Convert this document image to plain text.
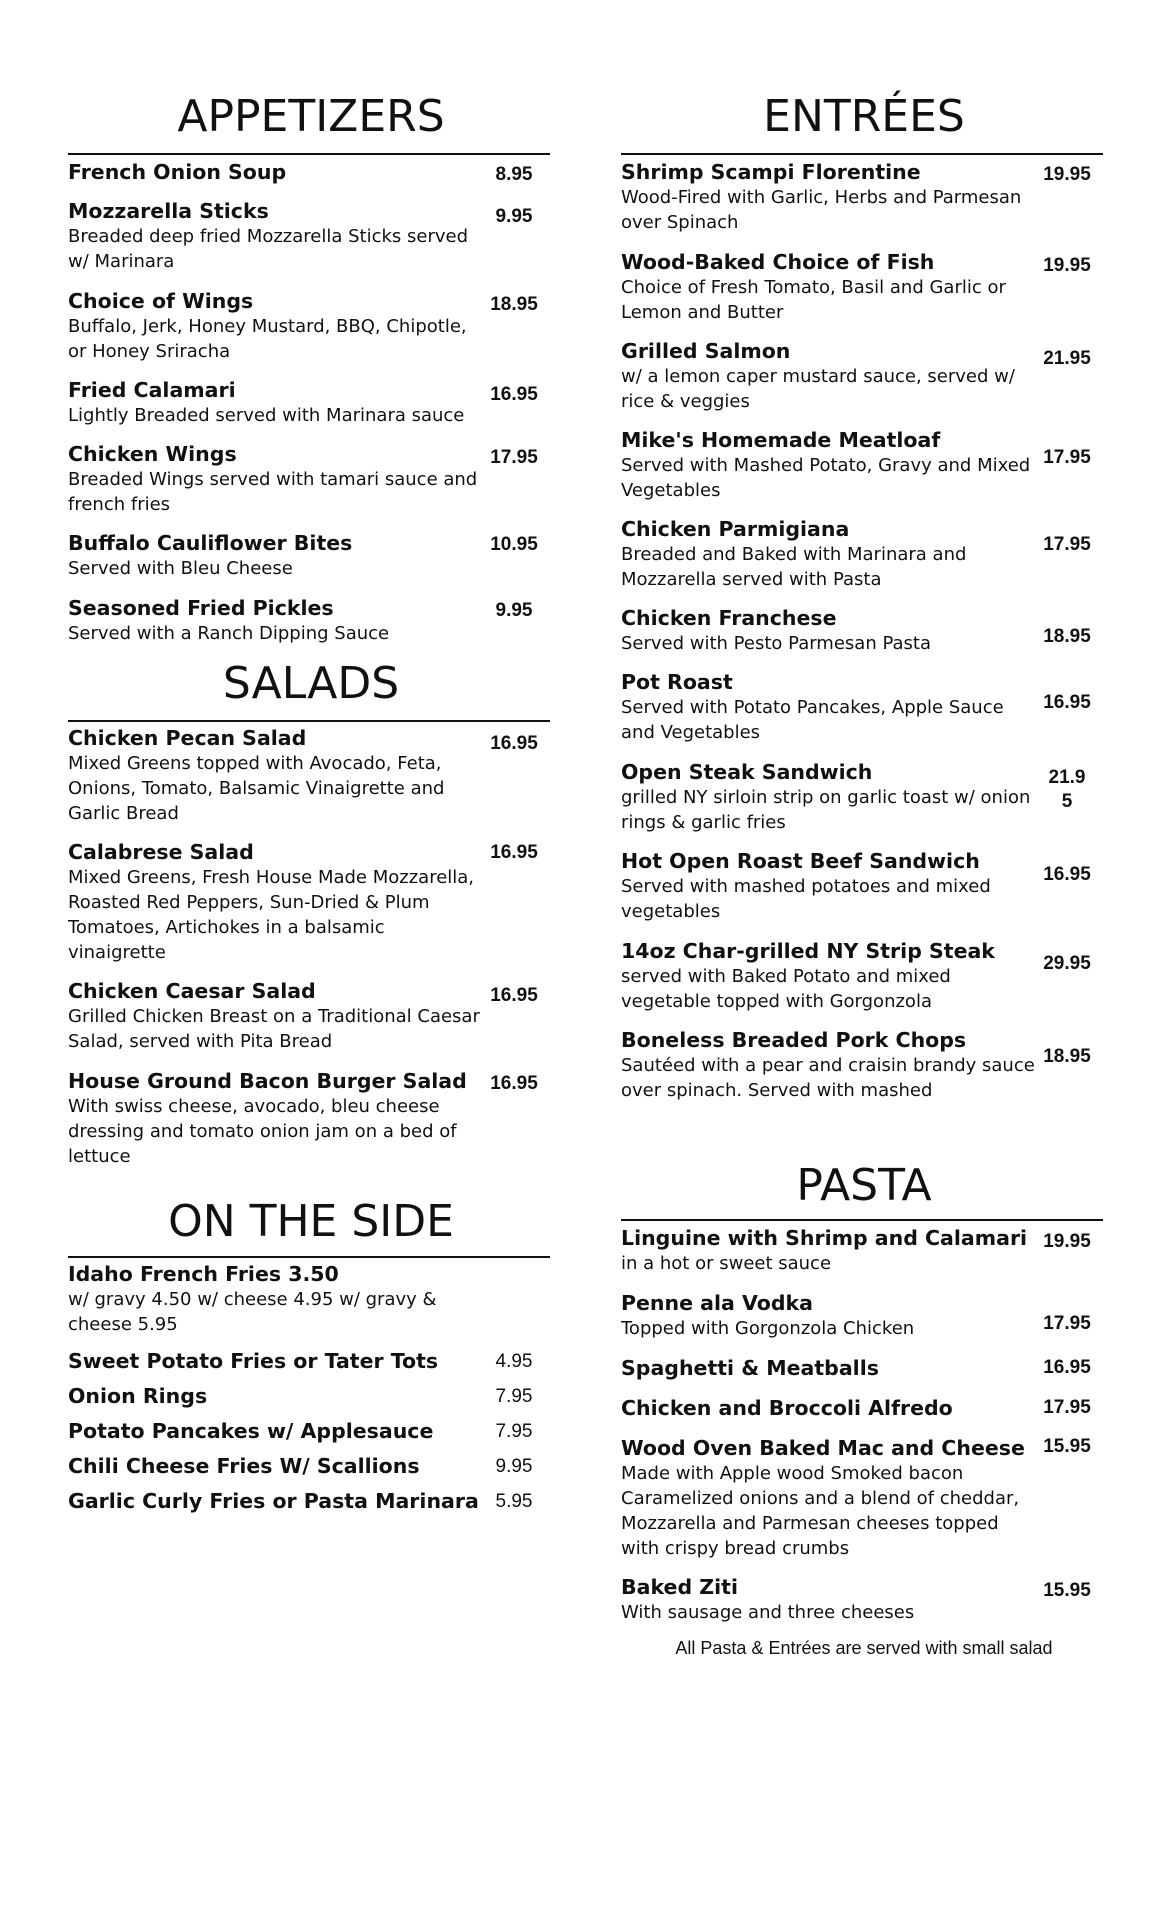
APPETIZERS
French Onion Soup	8.95
Mozzarella Sticks
Breaded deep fried Mozzarella Sticks served w/ Marinara
9.95
Choice of Wings
Buffalo, Jerk, Honey Mustard, BBQ, Chipotle, or Honey Sriracha
18.95
Fried Calamari
Lightly Breaded served with Marinara sauce
16.95
Chicken Wings
Breaded Wings served with tamari sauce and french fries
17.95
Buffalo Cauliflower Bites
Served with Bleu Cheese
10.95
Seasoned Fried Pickles
Served with a Ranch Dipping Sauce
9.95
SALADS
Chicken Pecan Salad
Mixed Greens topped with Avocado, Feta, Onions, Tomato, Balsamic Vinaigrette and Garlic Bread
16.95
Calabrese Salad
Mixed Greens, Fresh House Made Mozzarella, Roasted Red Peppers, Sun-Dried & Plum Tomatoes, Artichokes in a balsamic vinaigrette
16.95
Chicken Caesar Salad
Grilled Chicken Breast on a Traditional Caesar Salad, served with Pita Bread
16.95
House Ground Bacon Burger Salad
With swiss cheese, avocado, bleu cheese dressing and tomato onion jam on a bed of lettuce
16.95
ON THE SIDE
Idaho French Fries 3.50
w/ gravy 4.50 w/ cheese 4.95 w/ gravy & cheese 5.95
Sweet Potato Fries or Tater Tots	4.95
Onion Rings	7.95
Potato Pancakes w/ Applesauce	7.95
Chili Cheese Fries W/ Scallions	9.95
Garlic Curly Fries or Pasta Marinara 5.95
ENTRÉES
Shrimp Scampi Florentine
Wood-Fired with Garlic, Herbs and Parmesan over Spinach
19.95
Wood-Baked Choice of Fish
Choice of Fresh Tomato, Basil and Garlic or Lemon and Butter
19.95
Grilled Salmon
w/ a lemon caper mustard sauce, served w/ rice & veggies
21.95
Mike's Homemade Meatloaf
Served with Mashed Potato, Gravy and Mixed Vegetables
17.95
Chicken Parmigiana
Breaded and Baked with Marinara and Mozzarella served with Pasta
17.95
Chicken Franchese
Served with Pesto Parmesan Pasta	18.95
Pot Roast
Served with Potato Pancakes, Apple Sauce and Vegetables
16.95
Open Steak Sandwich
grilled NY sirloin strip on garlic toast w/ onion rings & garlic fries
21.9 5
Hot Open Roast Beef Sandwich
Served with mashed potatoes and mixed vegetables
16.95
14oz Char-grilled NY Strip Steak
served with Baked Potato and mixed vegetable topped with Gorgonzola
29.95
Boneless Breaded Pork Chops
Sautéed with a pear and craisin brandy sauce over spinach. Served with mashed
18.95
PASTA
Linguine with Shrimp and Calamari
in a hot or sweet sauce
19.95
Penne ala Vodka
Topped with Gorgonzola Chicken	17.95
Spaghetti & Meatballs	16.95
Chicken and Broccoli Alfredo	17.95
Wood Oven Baked Mac and Cheese
Made with Apple wood Smoked bacon Caramelized onions and a blend of cheddar, Mozzarella and Parmesan cheeses topped with crispy bread crumbs
15.95
Baked Ziti
With sausage and three cheeses
15.95
All Pasta & Entrées are served with small salad
